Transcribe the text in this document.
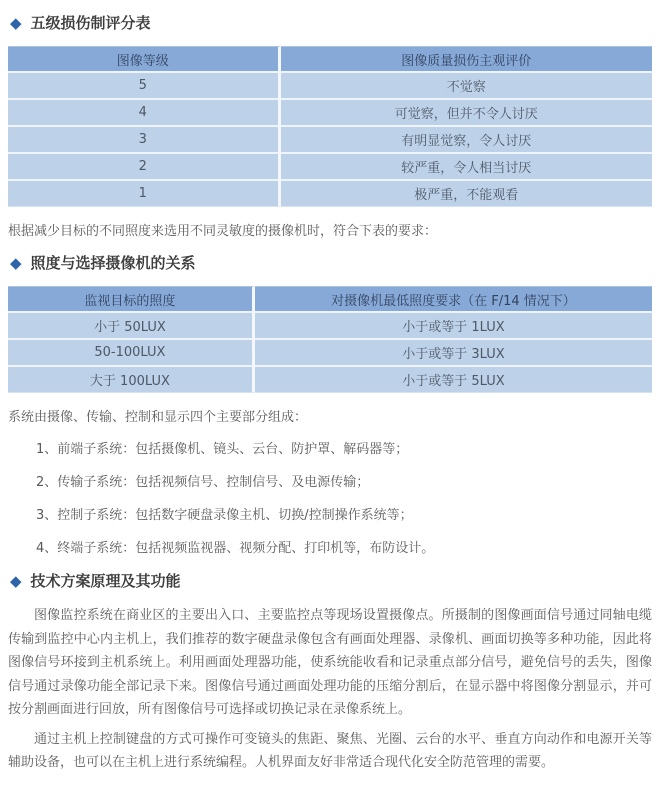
◆ 五级损伤制评分表
图像等级	图像质量损伤主观评价
5	不觉察
4	可觉察，但并不令人讨厌
3	有明显觉察，令人讨厌
2	较严重，令人相当讨厌
1	极严重，不能观看

根据减少目标的不同照度来选用不同灵敏度的摄像机时，符合下表的要求：

◆ 照度与选择摄像机的关系
监视目标的照度	对摄像机最低照度要求（在 F/14 情况下）
小于 50LUX	小于或等于 1LUX
50-100LUX	小于或等于 3LUX
大于 100LUX	小于或等于 5LUX

系统由摄像、传输、控制和显示四个主要部分组成：

1、前端子系统：包括摄像机、镜头、云台、防护罩、解码器等；
2、传输子系统：包括视频信号、控制信号、及电源传输；
3、控制子系统：包括数字硬盘录像主机、切换/控制操作系统等；
4、终端子系统：包括视频监视器、视频分配、打印机等，布防设计。
◆ 技术方案原理及其功能

图像监控系统在商业区的主要出入口、主要监控点等现场设置摄像点。所摄制的图像画面信号通过同轴电缆传输到监控中心内主机上，我们推荐的数字硬盘录像包含有画面处理器、录像机、画面切换等多种功能，因此将图像信号环接到主机系统上。利用画面处理器功能，使系统能收看和记录重点部分信号，避免信号的丢失，图像信号通过录像功能全部记录下来。图像信号通过画面处理功能的压缩分割后，在显示器中将图像分割显示，并可按分割画面进行回放，所有图像信号可选择或切换记录在录像系统上。

通过主机上控制键盘的方式可操作可变镜头的焦距、聚焦、光圈、云台的水平、垂直方向动作和电源开关等辅助设备，也可以在主机上进行系统编程。人机界面友好非常适合现代化安全防范管理的需要。
